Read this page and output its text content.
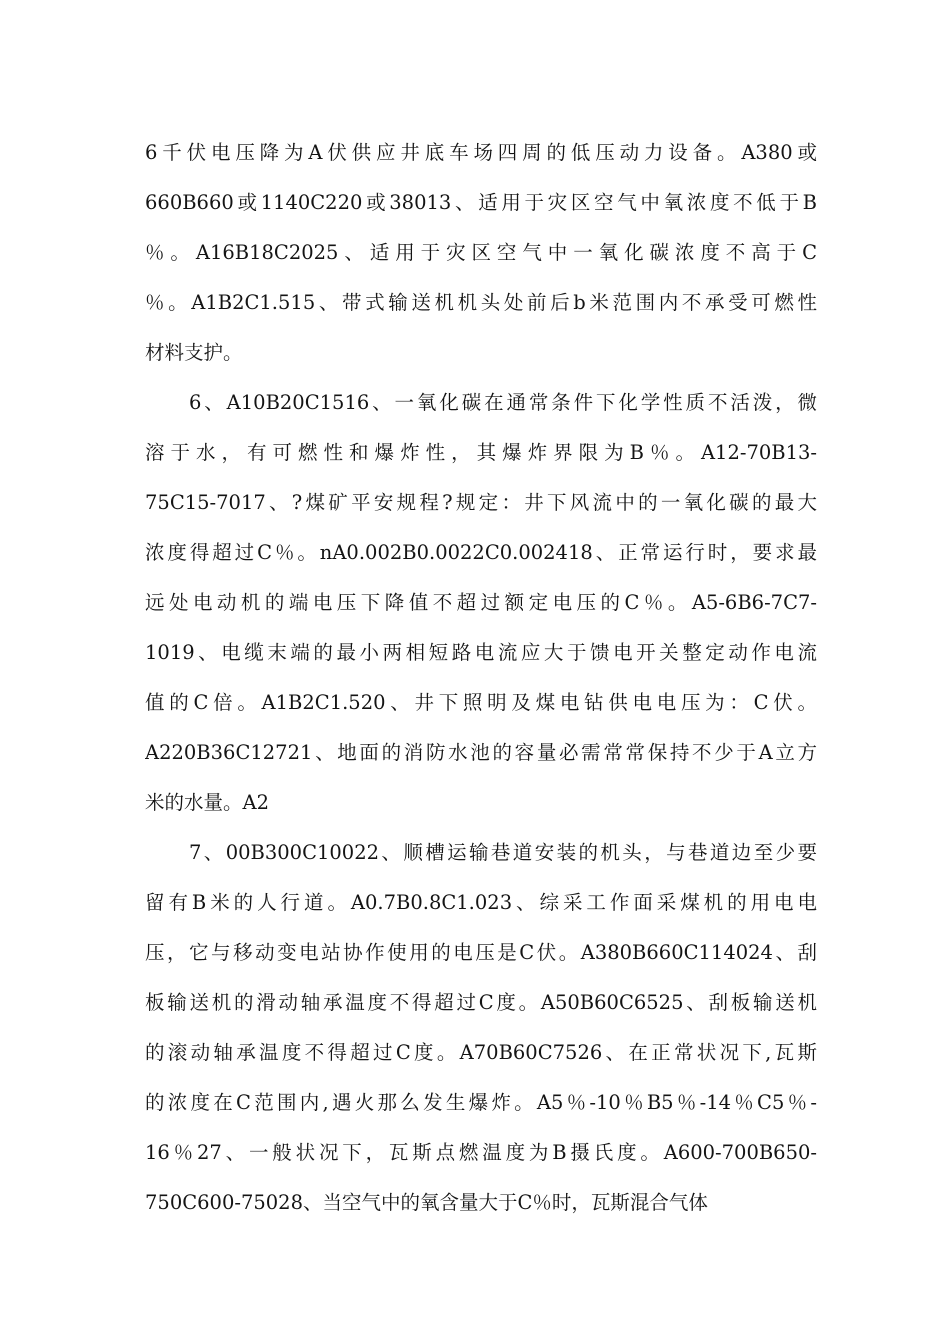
6千伏电压降为A伏供应井底车场四周的低压动力设备。A380或
660B660或1140C220或38013、适用于灾区空气中氧浓度不低于B
％。A16B18C2025、适用于灾区空气中一氧化碳浓度不高于C
％。A1B2C1.515、带式输送机机头处前后b米范围内不承受可燃性
材料支护。
6、A10B20C1516、一氧化碳在通常条件下化学性质不活泼，微
溶于水，有可燃性和爆炸性，其爆炸界限为B％。A12-70B13-
75C15-7017、?煤矿平安规程?规定：井下风流中的一氧化碳的最大
浓度得超过C％。nA0.002B0.0022C0.002418、正常运行时，要求最
远处电动机的端电压下降值不超过额定电压的C％。A5-6B6-7C7-
1019、电缆末端的最小两相短路电流应大于馈电开关整定动作电流
值的C倍。A1B2C1.520、井下照明及煤电钻供电电压为：C伏。
A220B36C12721、地面的消防水池的容量必需常常保持不少于A立方
米的水量。A2
7、00B300C10022、顺槽运输巷道安装的机头，与巷道边至少要
留有B米的人行道。A0.7B0.8C1.023、综采工作面采煤机的用电电
压，它与移动变电站协作使用的电压是C伏。A380B660C114024、刮
板输送机的滑动轴承温度不得超过C度。A50B60C6525、刮板输送机
的滚动轴承温度不得超过C度。A70B60C7526、在正常状况下,瓦斯
的浓度在C范围内,遇火那么发生爆炸。A5％-10％B5％-14％C5％-
16％27、一般状况下，瓦斯点燃温度为B摄氏度。A600-700B650-
750C600-75028、当空气中的氧含量大于C％时，瓦斯混合气体
